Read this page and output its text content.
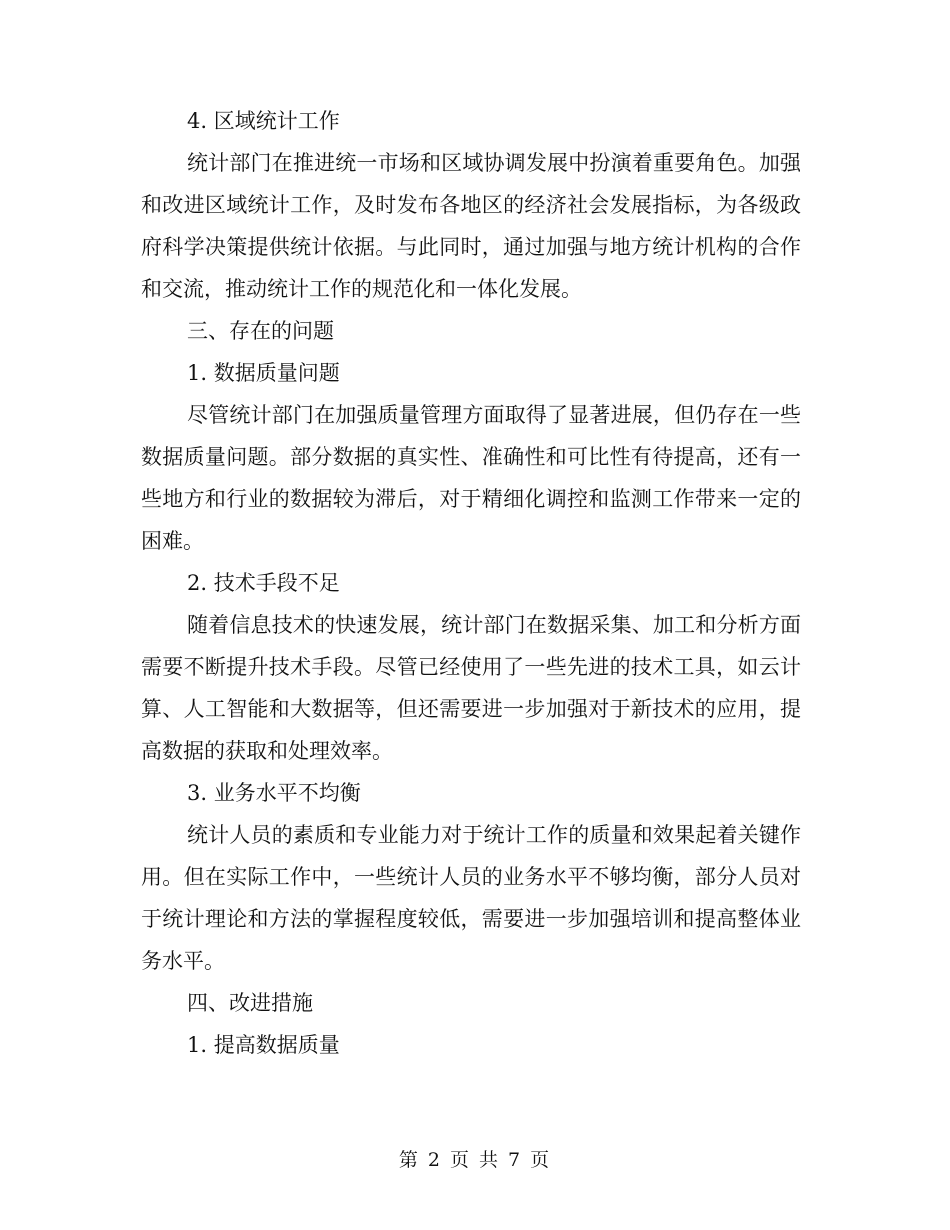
4. 区域统计工作

统计部门在推进统一市场和区域协调发展中扮演着重要角色。加强和改进区域统计工作，及时发布各地区的经济社会发展指标，为各级政府科学决策提供统计依据。与此同时，通过加强与地方统计机构的合作和交流，推动统计工作的规范化和一体化发展。

三、存在的问题

1. 数据质量问题

尽管统计部门在加强质量管理方面取得了显著进展，但仍存在一些数据质量问题。部分数据的真实性、准确性和可比性有待提高，还有一些地方和行业的数据较为滞后，对于精细化调控和监测工作带来一定的困难。

2. 技术手段不足

随着信息技术的快速发展，统计部门在数据采集、加工和分析方面需要不断提升技术手段。尽管已经使用了一些先进的技术工具，如云计算、人工智能和大数据等，但还需要进一步加强对于新技术的应用，提高数据的获取和处理效率。

3. 业务水平不均衡

统计人员的素质和专业能力对于统计工作的质量和效果起着关键作用。但在实际工作中，一些统计人员的业务水平不够均衡，部分人员对于统计理论和方法的掌握程度较低，需要进一步加强培训和提高整体业务水平。

四、改进措施

1. 提高数据质量

第 2 页 共 7 页
